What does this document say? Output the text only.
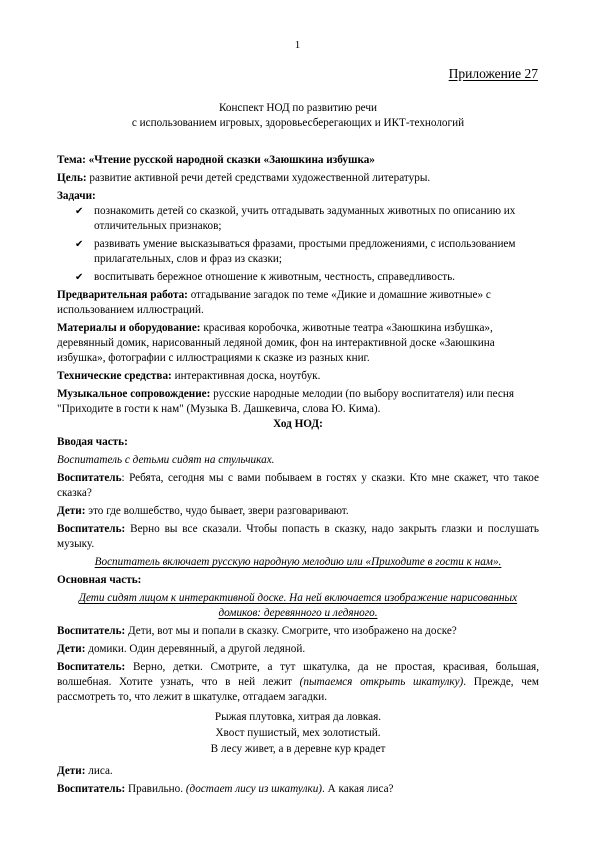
1
Приложение 27

Конспект НОД по развитию речи

с использованием игровых, здоровьесберегающих и ИКТ-технологий

Тема: «Чтение русской народной сказки «Заюшкина избушка»

Цель: развитие активной речи детей средствами художественной литературы.

Задачи:

✔ познакомить детей со сказкой, учить отгадывать задуманных животных по описанию их отличительных признаков;
✔ развивать умение высказываться фразами, простыми предложениями, с использованием прилагательных, слов и фраз из сказки;
✔ воспитывать бережное отношение к животным, честность, справедливость.

Предварительная работа: отгадывание загадок по теме «Дикие и домашние животные» с использованием иллюстраций.

Материалы и оборудование: красивая коробочка, животные театра «Заюшкина избушка», деревянный домик, нарисованный ледяной домик, фон на интерактивной доске «Заюшкина избушка», фотографии с иллюстрациями к сказке из разных книг.

Технические средства: интерактивная доска, ноутбук.

Музыкальное сопровождение: русские народные мелодии (по выбору воспитателя) или песня "Приходите в гости к нам" (Музыка В. Дашкевича, слова Ю. Кима).

Ход НОД:

Вводая часть:

Воспитатель с детьми сидят на стульчиках.

Воспитатель: Ребята, сегодня мы с вами побываем в гостях у сказки. Кто мне скажет, что такое сказка?

Дети: это где волшебство, чудо бывает, звери разговаривают.

Воспитатель: Верно вы все сказали. Чтобы попасть в сказку, надо закрыть глазки и послушать музыку.

Воспитатель включает русскую народную мелодию или «Приходите в гости к нам».

Основная часть:

Дети сидят лицом к интерактивной доске. На ней включается изображение нарисованных домиков: деревянного и ледяного.

Воспитатель: Дети, вот мы и попали в сказку. Смогрите, что изображено на доске?

Дети: домики. Один деревянный, а другой ледяной.

Воспитатель: Верно, детки. Смотрите, а тут шкатулка, да не простая, красивая, большая, волшебная. Хотите узнать, что в ней лежит (пытаемся открыть шкатулку). Прежде, чем рассмотреть то, что лежит в шкатулке, отгадаем загадки.

Рыжая плутовка, хитрая да ловкая.
Хвост пушистый, мех золотистый.
В лесу живет, а в деревне кур крадет

Дети: лиса.

Воспитатель: Правильно. (достает лису из шкатулки). А какая лиса?
